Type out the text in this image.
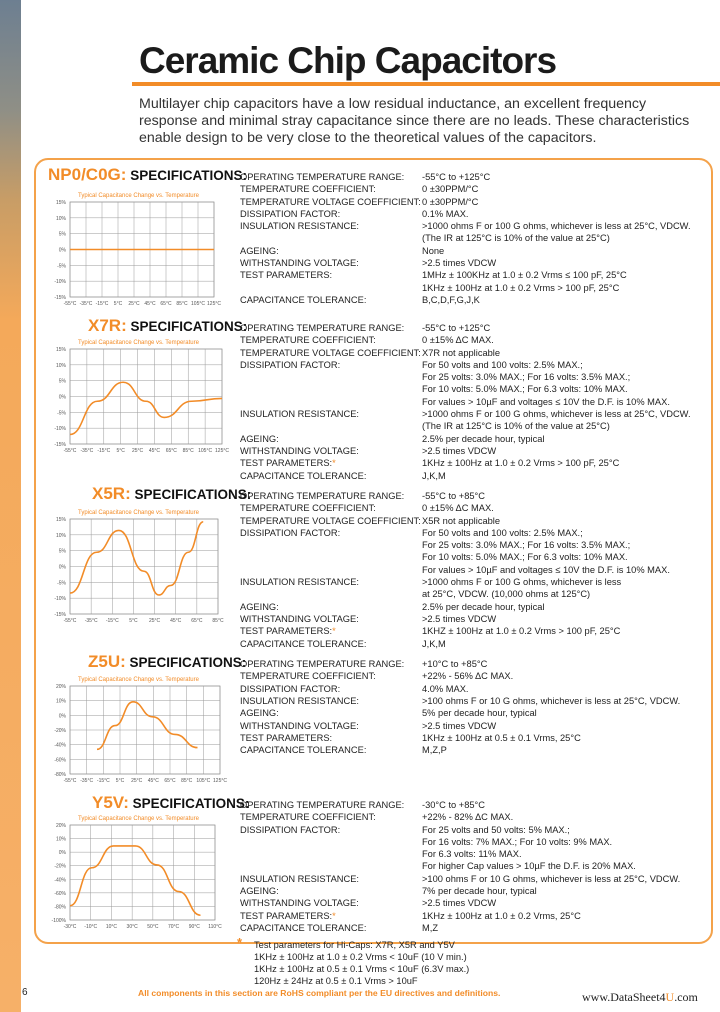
Ceramic Chip Capacitors

Multilayer chip capacitors have a low residual inductance, an excellent frequency response and minimal stray capacitance since there are no leads. These characteristics enable design to be very close to the theoretical values of the capacitors.

NP0/C0G: SPECIFICATIONS:
Typical Capacitance Change vs. Temperature
15%
10%
5%
0%
-5%
-10%
-15%
-55°C -35°C -15°C 5°C 25°C 45°C 65°C 85°C 105°C 125°C
OPERATING TEMPERATURE RANGE: -55°C to +125°C
TEMPERATURE COEFFICIENT:	0 ±30PPM/°C
TEMPERATURE VOLTAGE COEFFICIENT: 0 ±30PPM/°C
DISSIPATION FACTOR:	0.1% MAX.
INSULATION RESISTANCE:	>1000 ohms F or 100 G ohms, whichever is less at 25°C, VDCW.
(The IR at 125°C is 10% of the value at 25°C)
AGEING:	None
WITHSTANDING VOLTAGE:	>2.5 times VDCW
TEST PARAMETERS:	1MHz ± 100KHz at 1.0 ± 0.2 Vrms ≤ 100 pF, 25°C
1KHz ± 100Hz at 1.0 ± 0.2 Vrms > 100 pF, 25°C
CAPACITANCE TOLERANCE:	B,C,D,F,G,J,K
X7R: SPECIFICATIONS:
Typical Capacitance Change vs. Temperature
15%
10%
5%
0%
-5%
-10%
-15%
-55°C -35°C -15°C 5°C 25°C 45°C 65°C 85°C 105°C 125°C
OPERATING TEMPERATURE RANGE: -55°C to +125°C
TEMPERATURE COEFFICIENT:	0 ±15% ΔC MAX.
TEMPERATURE VOLTAGE COEFFICIENT: X7R not applicable
DISSIPATION FACTOR:	For 50 volts and 100 volts: 2.5% MAX.;
For 25 volts: 3.0% MAX.; For 16 volts: 3.5% MAX.;
For 10 volts: 5.0% MAX.; For 6.3 volts: 10% MAX.
For values > 10µF and voltages ≤ 10V the D.F. is 10% MAX.
INSULATION RESISTANCE:	>1000 ohms F or 100 G ohms, whichever is less at 25°C, VDCW.
(The IR at 125°C is 10% of the value at 25°C)
AGEING:	2.5% per decade hour, typical
WITHSTANDING VOLTAGE:	>2.5 times VDCW
TEST PARAMETERS:*	1KHz ± 100Hz at 1.0 ± 0.2 Vrms > 100 pF, 25°C
CAPACITANCE TOLERANCE:	J,K,M
X5R: SPECIFICATIONS:
Typical Capacitance Change vs. Temperature
15%
10%
5%
0%
-5%
-10%
-15%
-55°C -35°C -15°C 5°C 25°C 45°C 65°C 85°C
OPERATING TEMPERATURE RANGE: -55°C to +85°C
TEMPERATURE COEFFICIENT:	0 ±15% ΔC MAX.
TEMPERATURE VOLTAGE COEFFICIENT: X5R not applicable
DISSIPATION FACTOR:	For 50 volts and 100 volts: 2.5% MAX.;
For 25 volts: 3.0% MAX.; For 16 volts: 3.5% MAX.;
For 10 volts: 5.0% MAX.; For 6.3 volts: 10% MAX.
For values > 10µF and voltages ≤ 10V the D.F. is 10% MAX.
INSULATION RESISTANCE:	>1000 ohms F or 100 G ohms, whichever is less
at 25°C, VDCW. (10,000 ohms at 125°C)
AGEING:	2.5% per decade hour, typical
WITHSTANDING VOLTAGE:	>2.5 times VDCW
TEST PARAMETERS:*	1KHZ ± 100Hz at 1.0 ± 0.2 Vrms > 100 pF, 25°C
CAPACITANCE TOLERANCE:	J,K,M
Z5U: SPECIFICATIONS:
Typical Capacitance Change vs. Temperature
20%
10%
0%
-20%
-40%
-60%
-80%
-55°C -35°C -15°C 5°C 25°C 45°C 65°C 85°C 105°C 125°C
OPERATING TEMPERATURE RANGE: +10°C to +85°C
TEMPERATURE COEFFICIENT:	+22% - 56% ΔC MAX.
DISSIPATION FACTOR:	4.0% MAX.
INSULATION RESISTANCE:	>100 ohms F or 10 G ohms, whichever is less at 25°C, VDCW.
AGEING:	5% per decade hour, typical
WITHSTANDING VOLTAGE:	>2.5 times VDCW
TEST PARAMETERS:	1KHz ± 100Hz at 0.5 ± 0.1 Vrms, 25°C
CAPACITANCE TOLERANCE:	M,Z,P
Y5V: SPECIFICATIONS:
Typical Capacitance Change vs. Temperature
20%
10%
0%
-20%
-40%
-60%
-80%
-100%
-30°C -10°C 10°C 30°C 50°C 70°C 90°C 110°C
OPERATING TEMPERATURE RANGE: -30°C to +85°C
TEMPERATURE COEFFICIENT:	+22% - 82% ΔC MAX.
DISSIPATION FACTOR:	For 25 volts and 50 volts: 5% MAX.;
For 16 volts: 7% MAX.; For 10 volts: 9% MAX.
For 6.3 volts: 11% MAX.
For higher Cap values > 10µF the D.F. is 20% MAX.
INSULATION RESISTANCE:	>100 ohms F or 10 G ohms, whichever is less at 25°C, VDCW.
AGEING:	7% per decade hour, typical
WITHSTANDING VOLTAGE:	>2.5 times VDCW
TEST PARAMETERS:*	1KHz ± 100Hz at 1.0 ± 0.2 Vrms, 25°C
CAPACITANCE TOLERANCE:	M,Z
* Test parameters for Hi-Caps: X7R, X5R and Y5V
1KHz ± 100Hz at 1.0 ± 0.2 Vrms < 10uF (10 V min.)
1KHz ± 100Hz at 0.5 ± 0.1 Vrms < 10uF (6.3V max.)
120Hz ± 24Hz at 0.5 ± 0.1 Vrms > 10uF
6	All components in this section are RoHS compliant per the EU directives and definitions.	www.DataSheet4U.com
